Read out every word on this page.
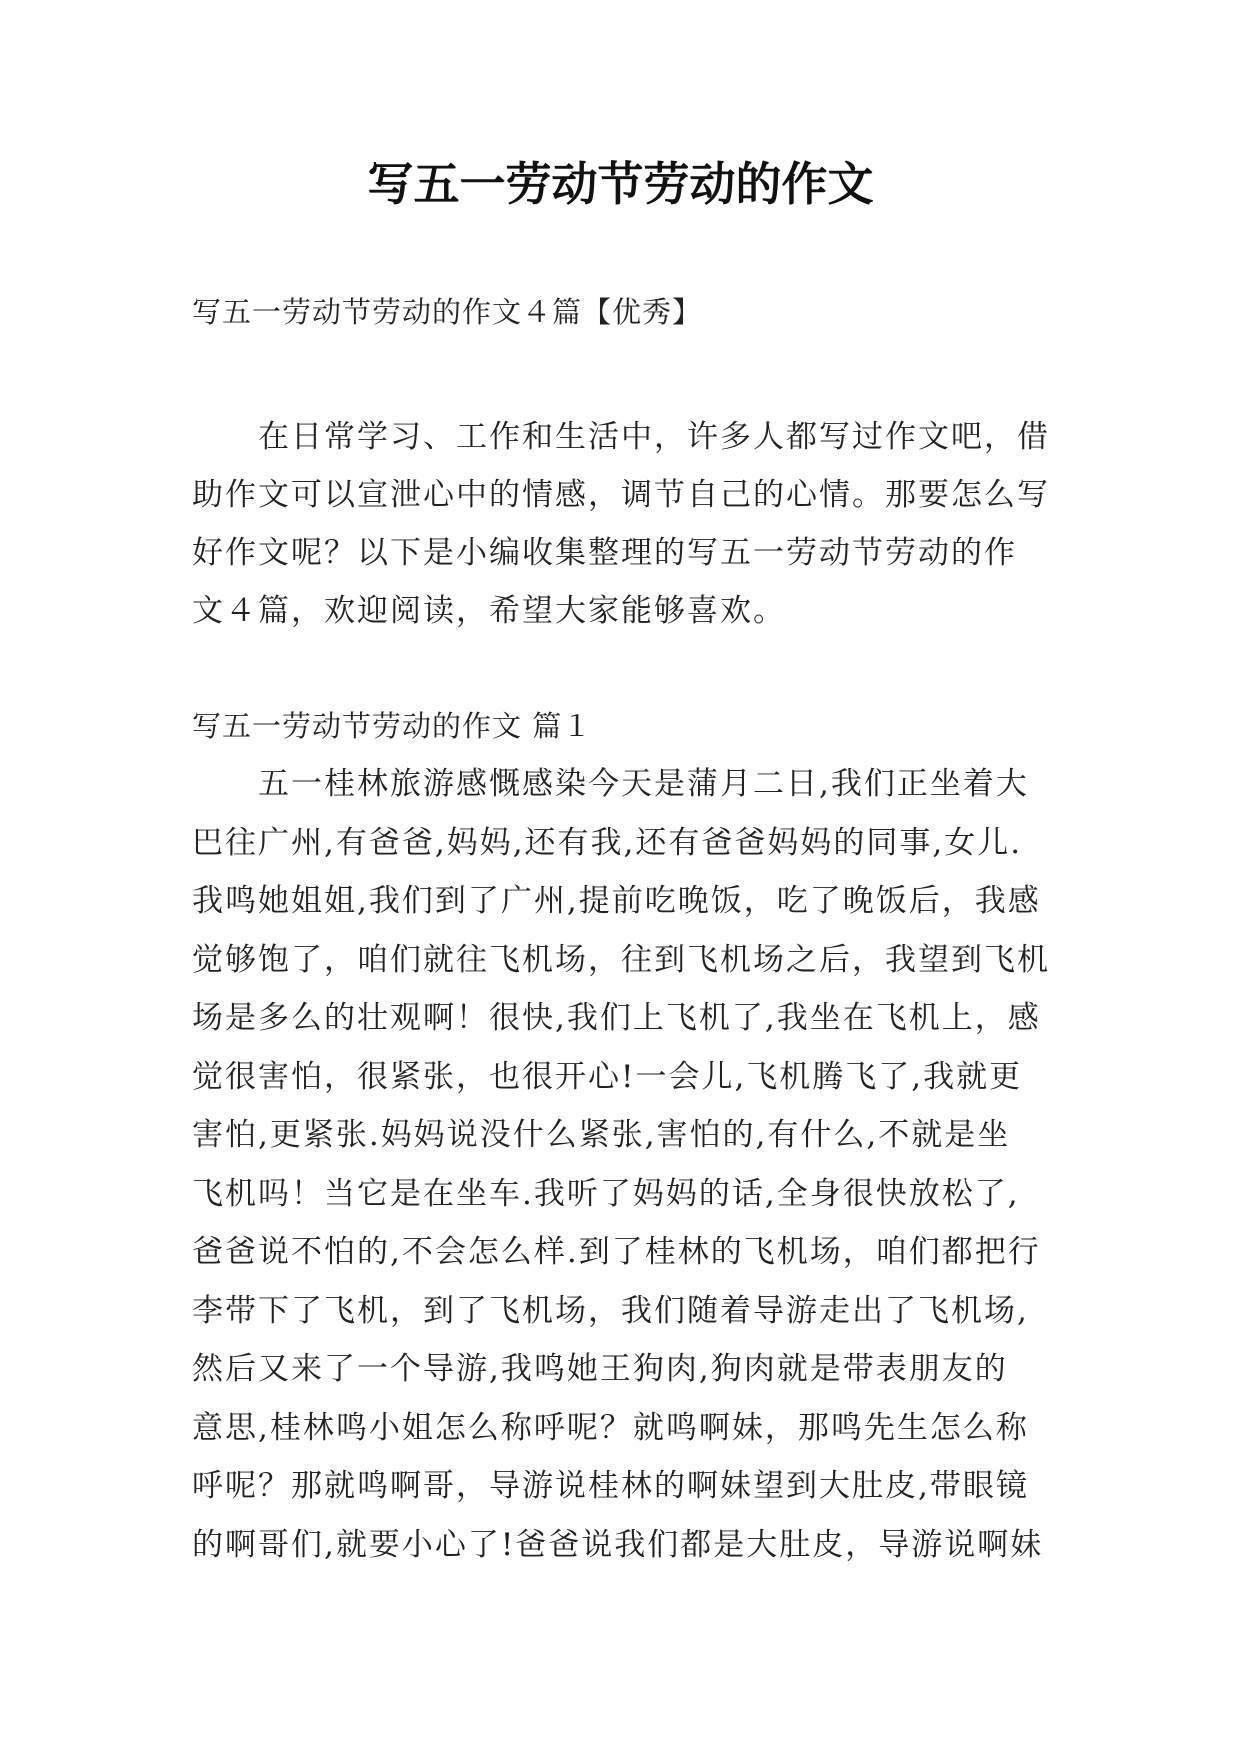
写五一劳动节劳动的作文

写五一劳动节劳动的作文４篇【优秀】

在日常学习、工作和生活中，许多人都写过作文吧，借
助作文可以宣泄心中的情感，调节自己的心情。那要怎么写
好作文呢？以下是小编收集整理的写五一劳动节劳动的作
文４篇，欢迎阅读，希望大家能够喜欢。

写五一劳动节劳动的作文 篇１

五一桂林旅游感慨感染今天是蒲月二日,我们正坐着大
巴往广州,有爸爸,妈妈,还有我,还有爸爸妈妈的同事,女儿.
我鸣她姐姐,我们到了广州,提前吃晚饭，吃了晚饭后，我感
觉够饱了，咱们就往飞机场，往到飞机场之后，我望到飞机
场是多么的壮观啊！很快,我们上飞机了,我坐在飞机上，感
觉很害怕，很紧张，也很开心!一会儿,飞机腾飞了,我就更
害怕,更紧张.妈妈说没什么紧张,害怕的,有什么,不就是坐
飞机吗！当它是在坐车.我听了妈妈的话,全身很快放松了,
爸爸说不怕的,不会怎么样.到了桂林的飞机场，咱们都把行
李带下了飞机，到了飞机场，我们随着导游走出了飞机场,
然后又来了一个导游,我鸣她王狗肉,狗肉就是带表朋友的
意思,桂林鸣小姐怎么称呼呢？就鸣啊妹，那鸣先生怎么称
呼呢？那就鸣啊哥，导游说桂林的啊妹望到大肚皮,带眼镜
的啊哥们,就要小心了!爸爸说我们都是大肚皮，导游说啊妹
